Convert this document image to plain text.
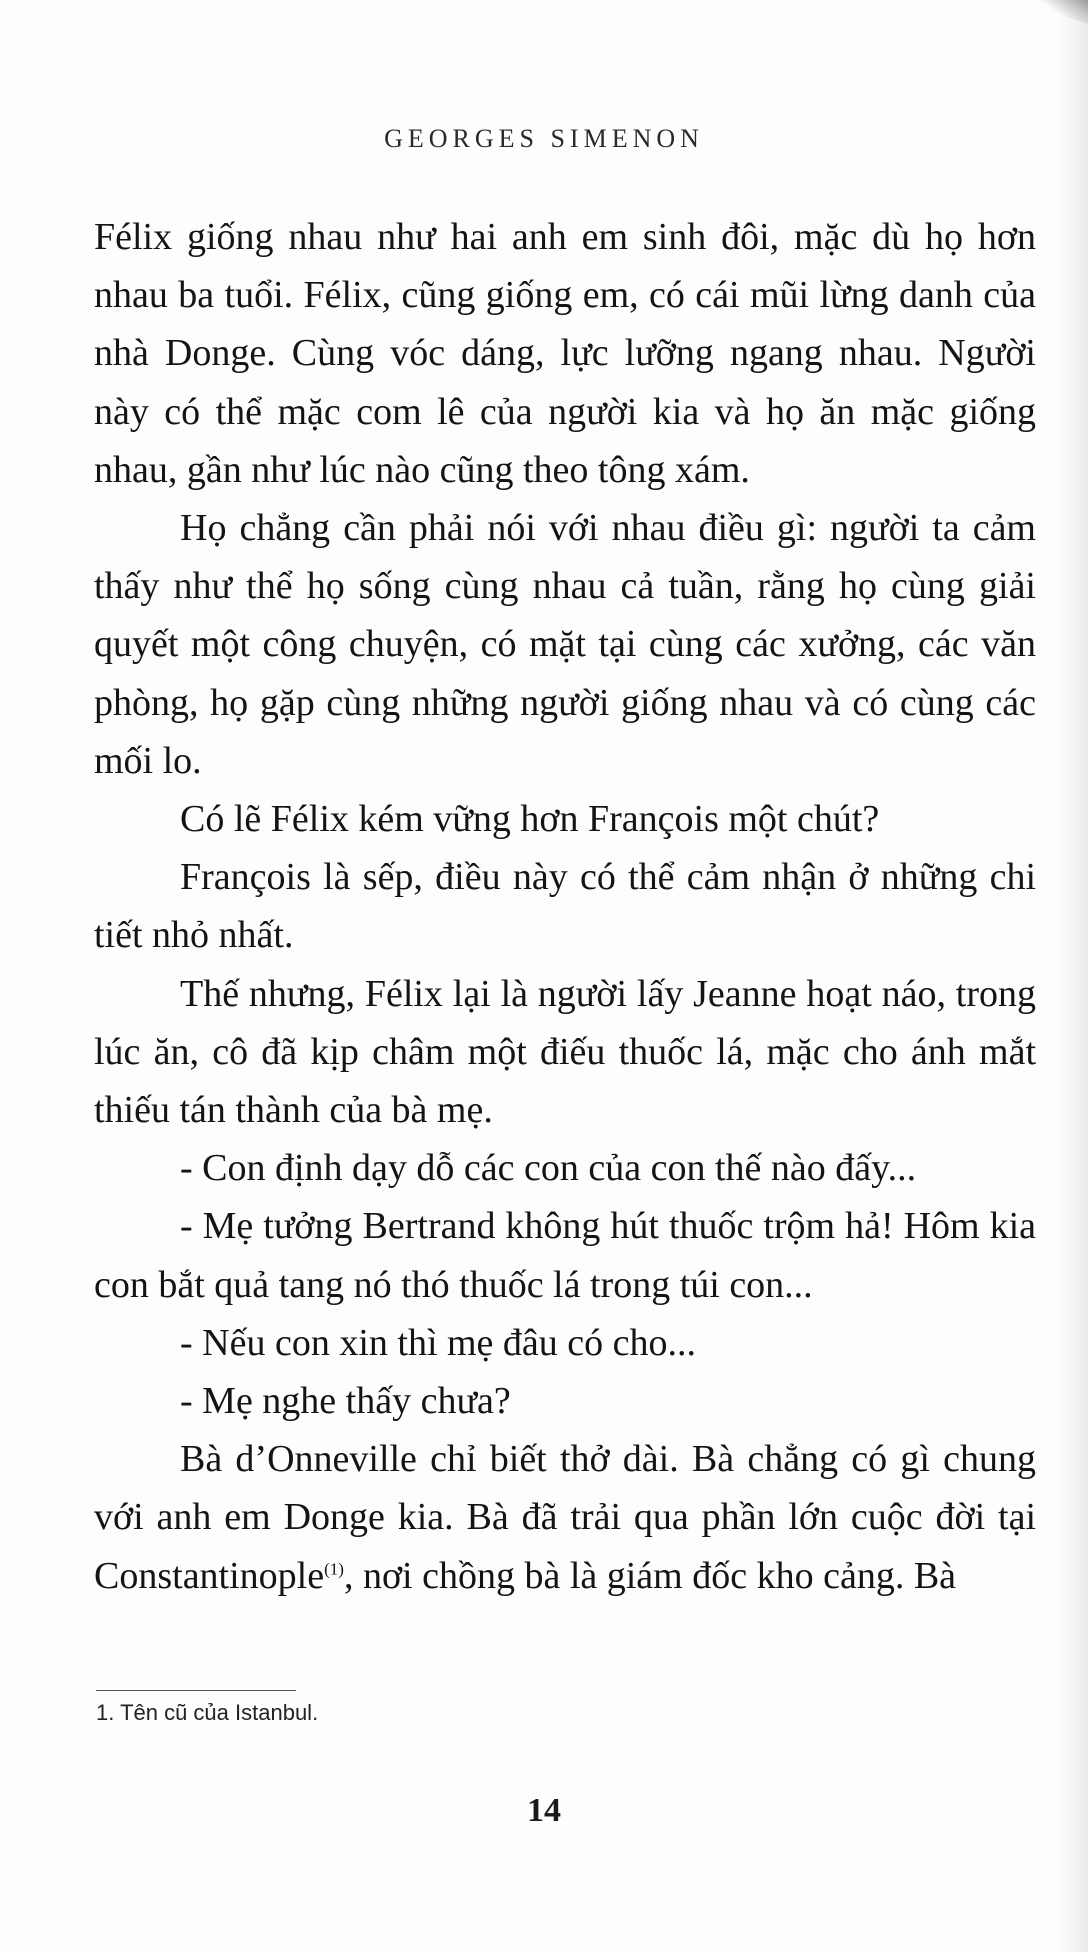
GEORGES SIMENON

Félix giống nhau như hai anh em sinh đôi, mặc dù họ hơn nhau ba tuổi. Félix, cũng giống em, có cái mũi lừng danh của nhà Donge. Cùng vóc dáng, lực lưỡng ngang nhau. Người này có thể mặc com lê của người kia và họ ăn mặc giống nhau, gần như lúc nào cũng theo tông xám.

Họ chẳng cần phải nói với nhau điều gì: người ta cảm thấy như thể họ sống cùng nhau cả tuần, rằng họ cùng giải quyết một công chuyện, có mặt tại cùng các xưởng, các văn phòng, họ gặp cùng những người giống nhau và có cùng các mối lo.

Có lẽ Félix kém vững hơn François một chút?

François là sếp, điều này có thể cảm nhận ở những chi tiết nhỏ nhất.

Thế nhưng, Félix lại là người lấy Jeanne hoạt náo, trong lúc ăn, cô đã kịp châm một điếu thuốc lá, mặc cho ánh mắt thiếu tán thành của bà mẹ.

- Con định dạy dỗ các con của con thế nào đấy...

- Mẹ tưởng Bertrand không hút thuốc trộm hả! Hôm kia con bắt quả tang nó thó thuốc lá trong túi con...

- Nếu con xin thì mẹ đâu có cho...

- Mẹ nghe thấy chưa?

Bà d’Onneville chỉ biết thở dài. Bà chẳng có gì chung với anh em Donge kia. Bà đã trải qua phần lớn cuộc đời tại Constantinople$^{(1)}$, nơi chồng bà là giám đốc kho cảng. Bà

1. Tên cũ của Istanbul.
14
